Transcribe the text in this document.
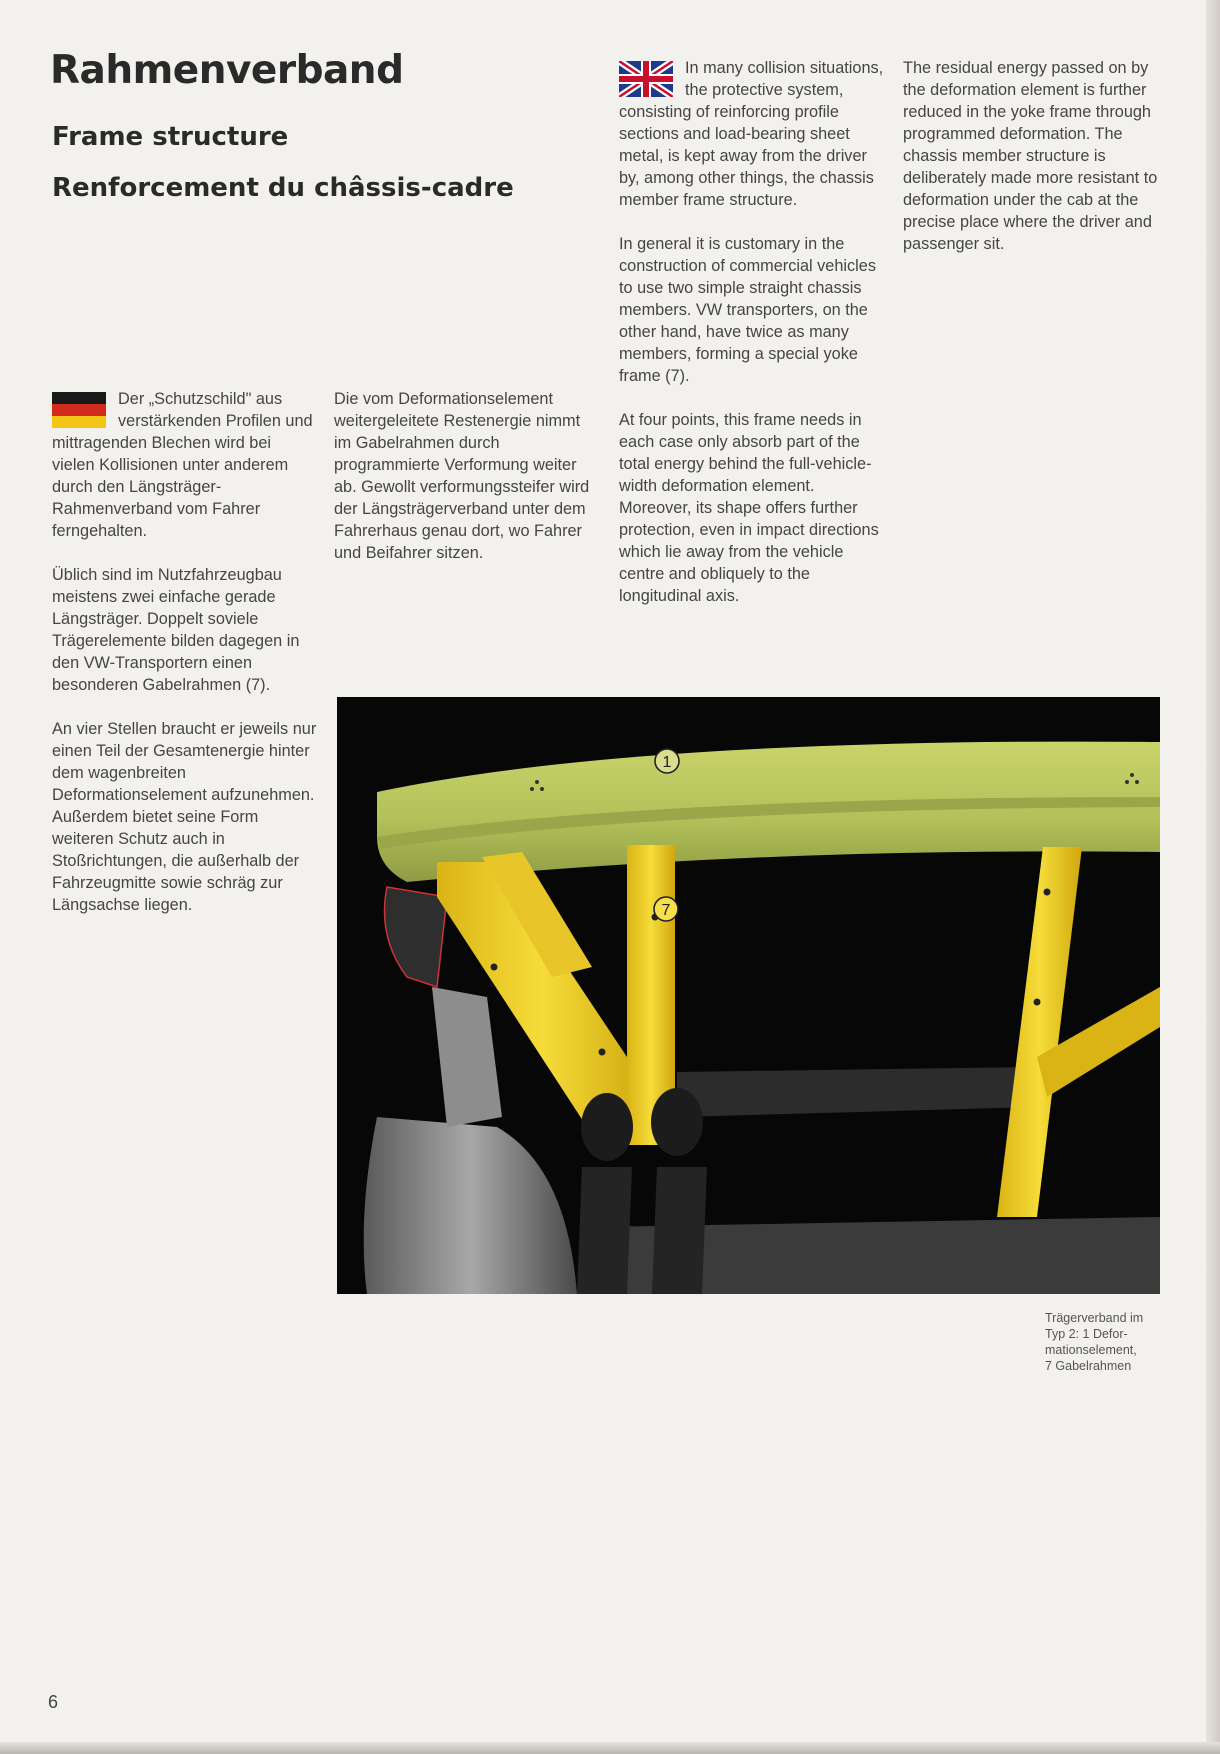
Rahmenverband
Frame structure
Renforcement du châssis-cadre

Der „Schutzschild" aus verstärkenden Profilen und mittragenden Blechen wird bei vielen Kollisionen unter anderem durch den Längsträger-Rahmenverband vom Fahrer ferngehalten.

Üblich sind im Nutzfahrzeugbau meistens zwei einfache gerade Längsträger. Doppelt soviele Trägerelemente bilden dagegen in den VW-Transportern einen besonderen Gabelrahmen (7).

An vier Stellen braucht er jeweils nur einen Teil der Gesamtenergie hinter dem wagenbreiten Deformationselement aufzunehmen. Außerdem bietet seine Form weiteren Schutz auch in Stoßrichtungen, die außerhalb der Fahrzeugmitte sowie schräg zur Längsachse liegen.

Die vom Deformationselement weitergeleitete Restenergie nimmt im Gabelrahmen durch programmierte Verformung weiter ab. Gewollt verformungssteifer wird der Längsträgerverband unter dem Fahrerhaus genau dort, wo Fahrer und Beifahrer sitzen.

In many collision situations, the protective system, consisting of reinforcing profile sections and load-bearing sheet metal, is kept away from the driver by, among other things, the chassis member frame structure.

In general it is customary in the construction of commercial vehicles to use two simple straight chassis members. VW transporters, on the other hand, have twice as many members, forming a special yoke frame (7).

At four points, this frame needs in each case only absorb part of the total energy behind the full-vehicle-width deformation element. Moreover, its shape offers further protection, even in impact directions which lie away from the vehicle centre and obliquely to the longitudinal axis.

The residual energy passed on by the deformation element is further reduced in the yoke frame through programmed deformation. The chassis member structure is deliberately made more resistant to deformation under the cab at the precise place where the driver and passenger sit.

1
7
Trägerverband im
Typ 2: 1 Defor-
mationselement,
7 Gabelrahmen
6
